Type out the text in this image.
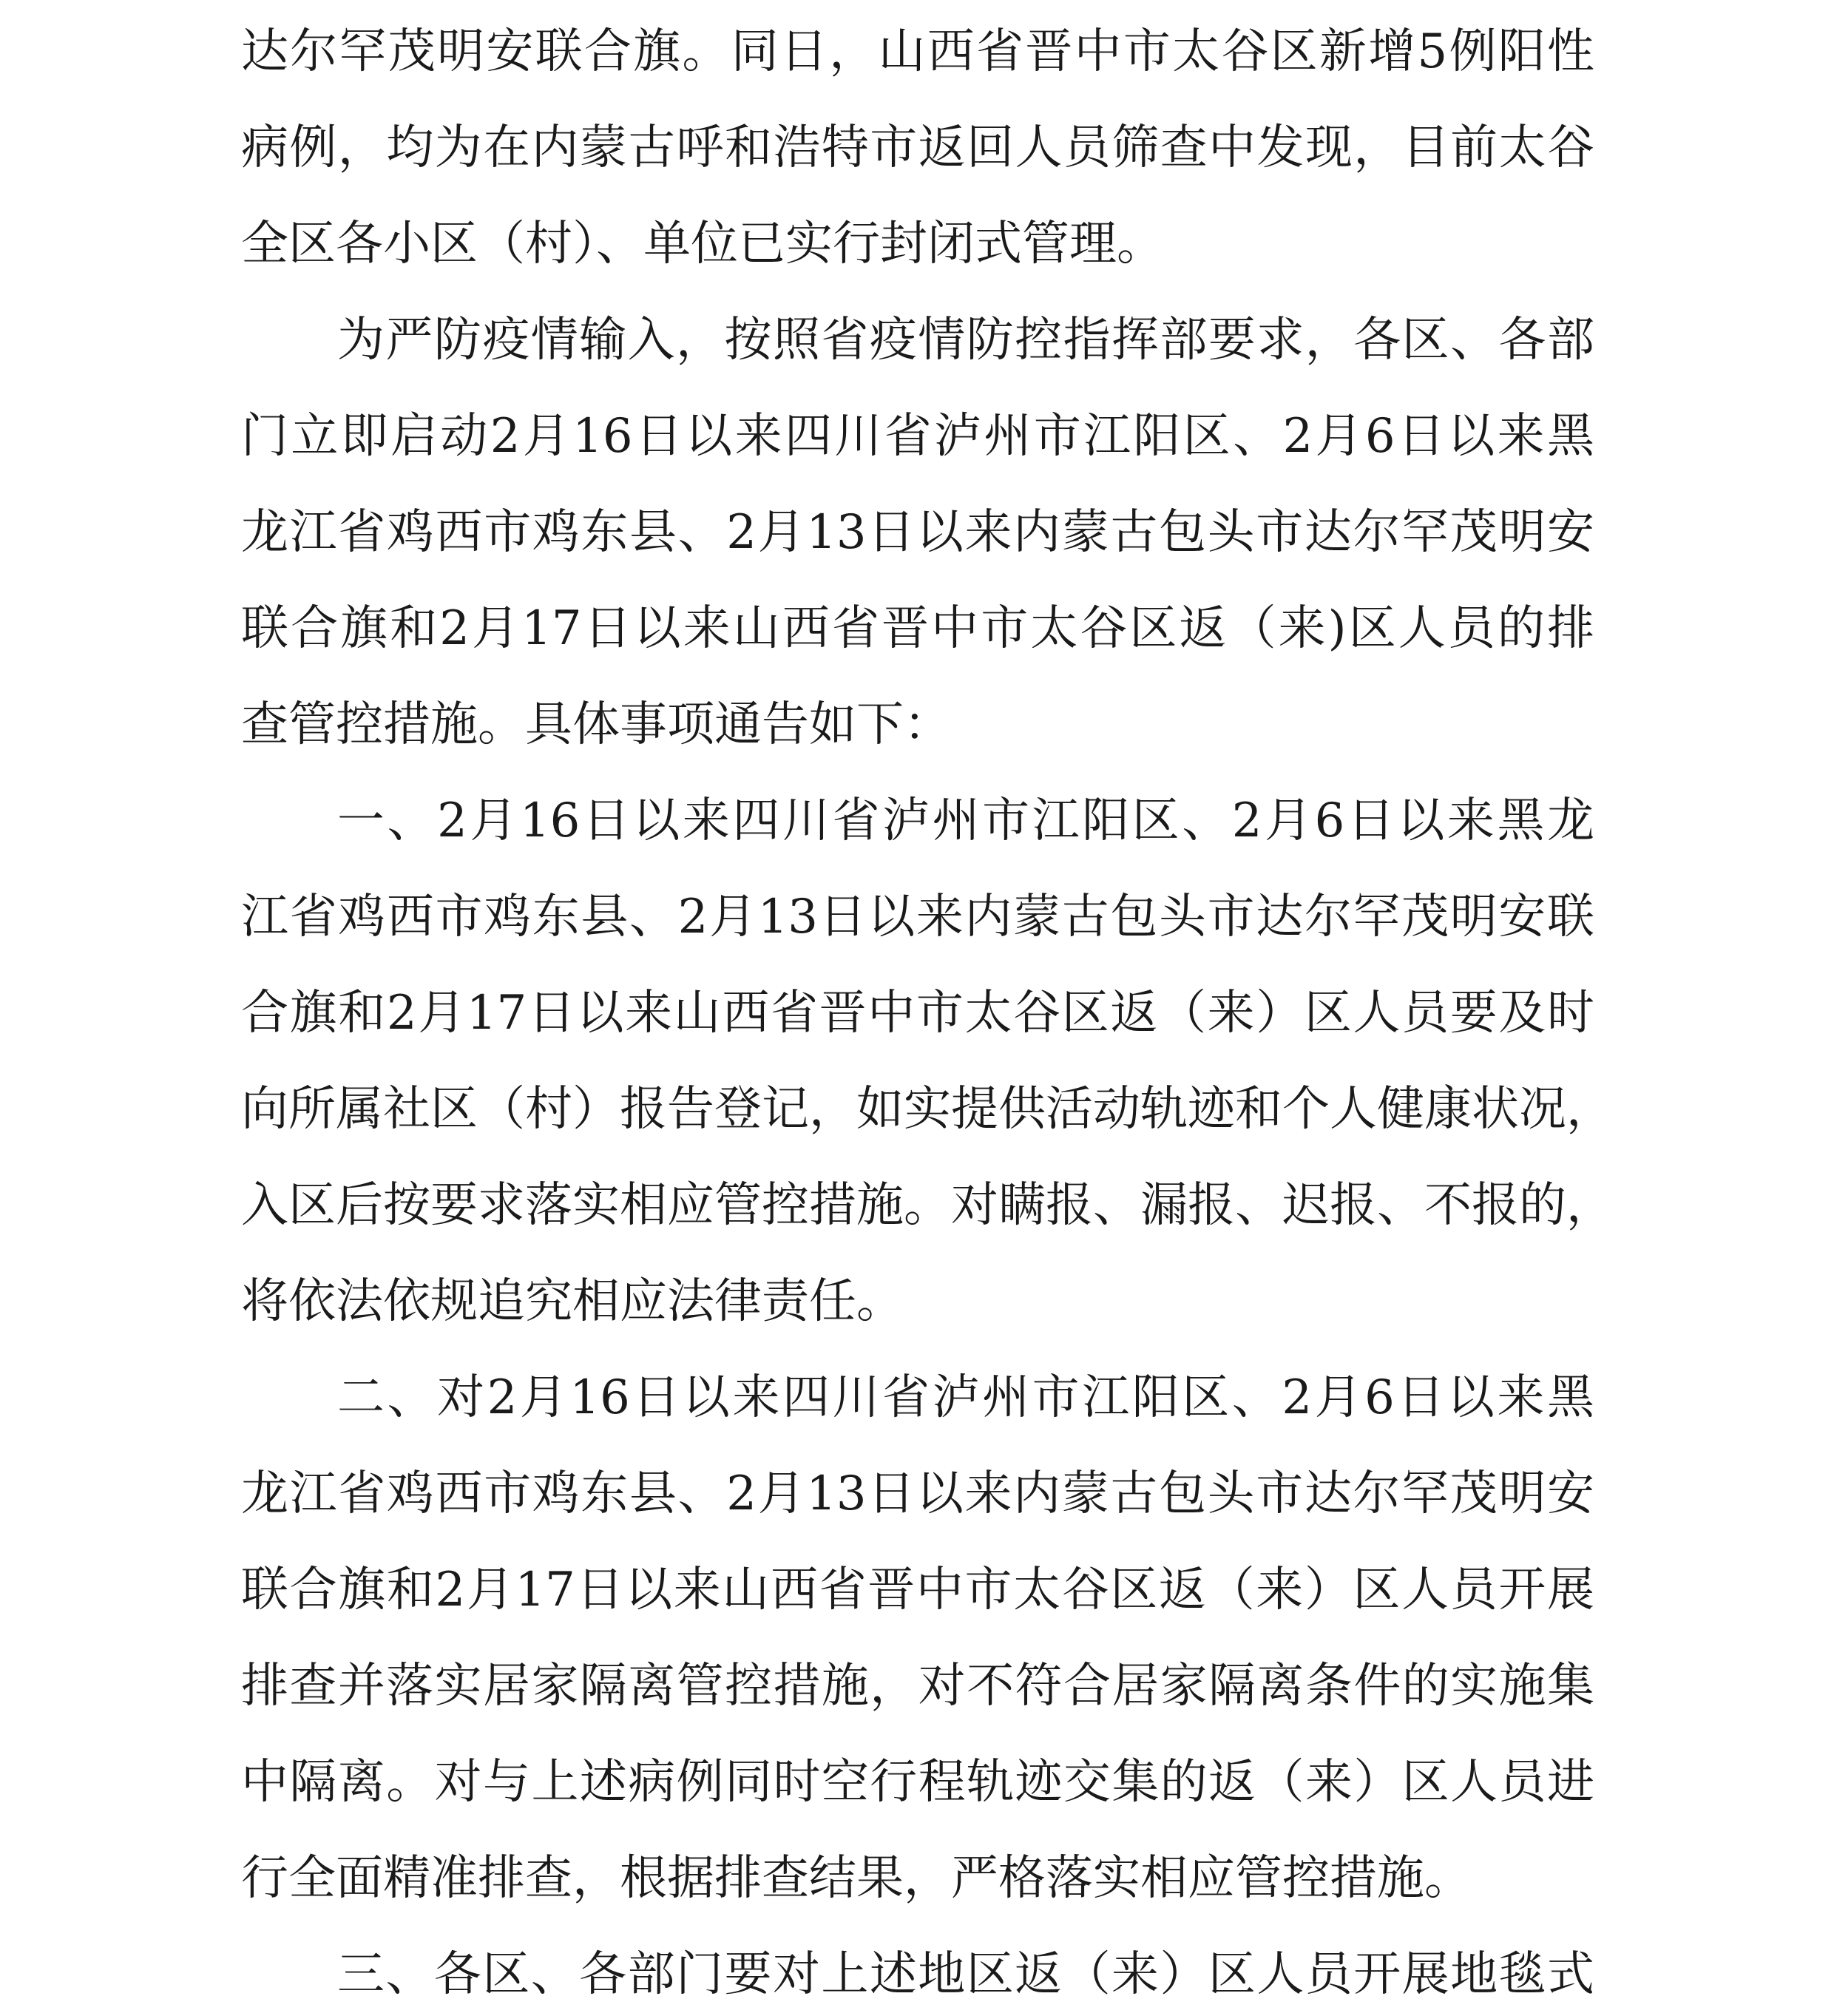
达尔罕茂明安联合旗。同日，山西省晋中市太谷区新增5例阳性
病例，均为在内蒙古呼和浩特市返回人员筛查中发现，目前太谷
全区各小区（村）、单位已实行封闭式管理。
为严防疫情输入，按照省疫情防控指挥部要求，各区、各部
门立即启动2月16日以来四川省泸州市江阳区、2月6日以来黑
龙江省鸡西市鸡东县、2月13日以来内蒙古包头市达尔罕茂明安
联合旗和2月17日以来山西省晋中市太谷区返（来)区人员的排
查管控措施。具体事项通告如下：
一、2月16日以来四川省泸州市江阳区、2月6日以来黑龙
江省鸡西市鸡东县、2月13日以来内蒙古包头市达尔罕茂明安联
合旗和2月17日以来山西省晋中市太谷区返（来）区人员要及时
向所属社区（村）报告登记，如实提供活动轨迹和个人健康状况，
入区后按要求落实相应管控措施。对瞒报、漏报、迟报、不报的，
将依法依规追究相应法律责任。
二、对2月16日以来四川省泸州市江阳区、2月6日以来黑
龙江省鸡西市鸡东县、2月13日以来内蒙古包头市达尔罕茂明安
联合旗和2月17日以来山西省晋中市太谷区返（来）区人员开展
排查并落实居家隔离管控措施，对不符合居家隔离条件的实施集
中隔离。对与上述病例同时空行程轨迹交集的返（来）区人员进
行全面精准排查，根据排查结果，严格落实相应管控措施。
三、各区、各部门要对上述地区返（来）区人员开展地毯式
